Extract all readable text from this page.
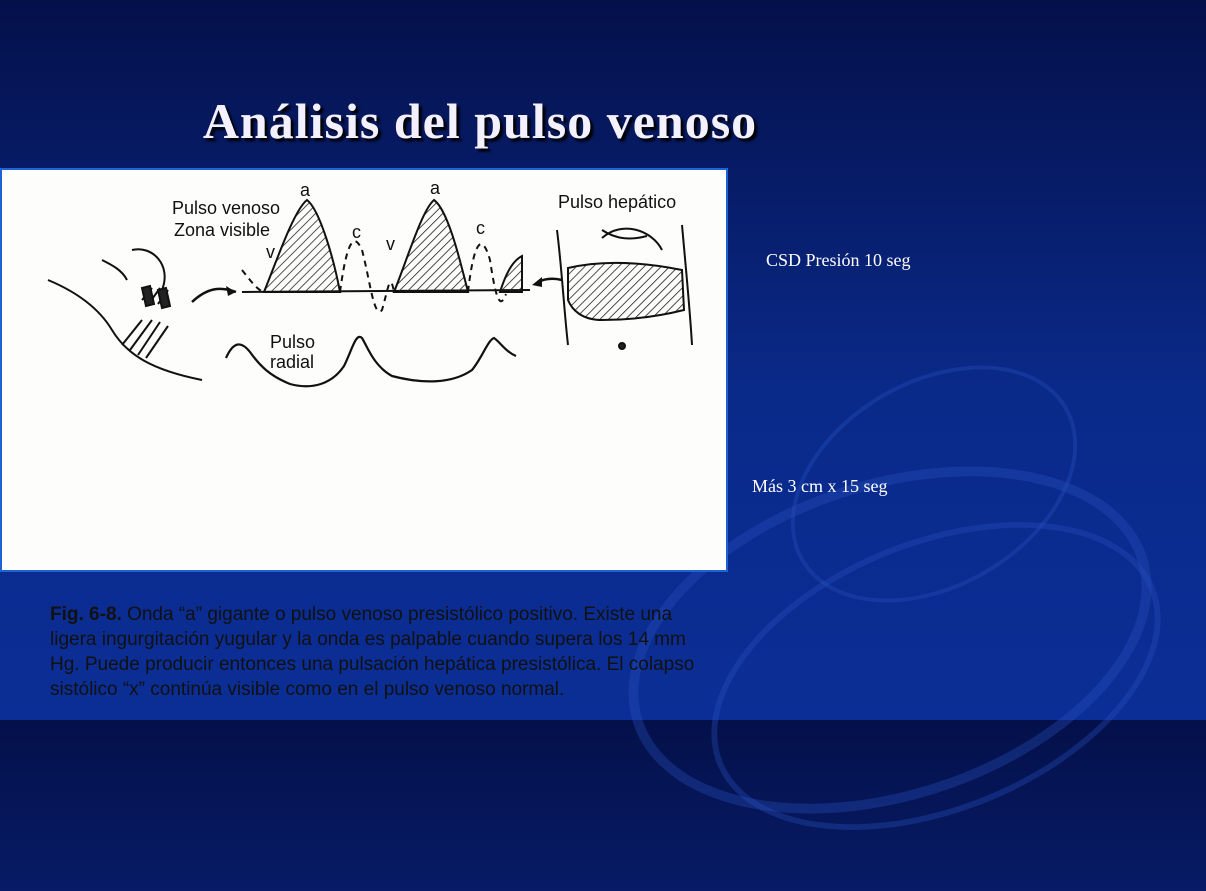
Análisis del pulso venoso
Pulso venoso
Zona visible
a	a
c	c
v	v
Pulso hepático
Pulso
radial

Fig. 6-8. Onda “a” gigante o pulso venoso presistólico positivo. Existe una ligera ingurgitación yugular y la onda es palpable cuando supera los 14 mm Hg. Puede producir entonces una pulsación hepática presistólica. El colapso sistólico “x” continúa visible como en el pulso venoso normal.

CSD Presión 10 seg
Más 3 cm x 15 seg
